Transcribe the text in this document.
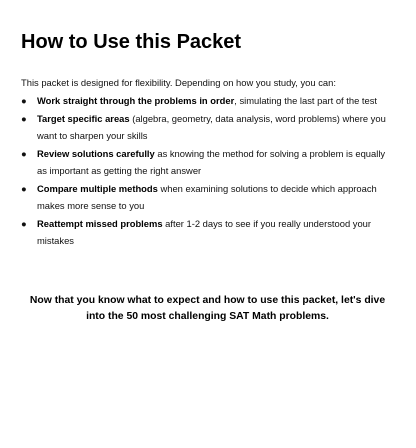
How to Use this Packet

This packet is designed for flexibility. Depending on how you study, you can:

● Work straight through the problems in order, simulating the last part of the test
● Target specific areas (algebra, geometry, data analysis, word problems) where you want to sharpen your skills
● Review solutions carefully as knowing the method for solving a problem is equally as important as getting the right answer
● Compare multiple methods when examining solutions to decide which approach makes more sense to you
● Reattempt missed problems after 1-2 days to see if you really understood your mistakes

Now that you know what to expect and how to use this packet, let's dive into the 50 most challenging SAT Math problems.
